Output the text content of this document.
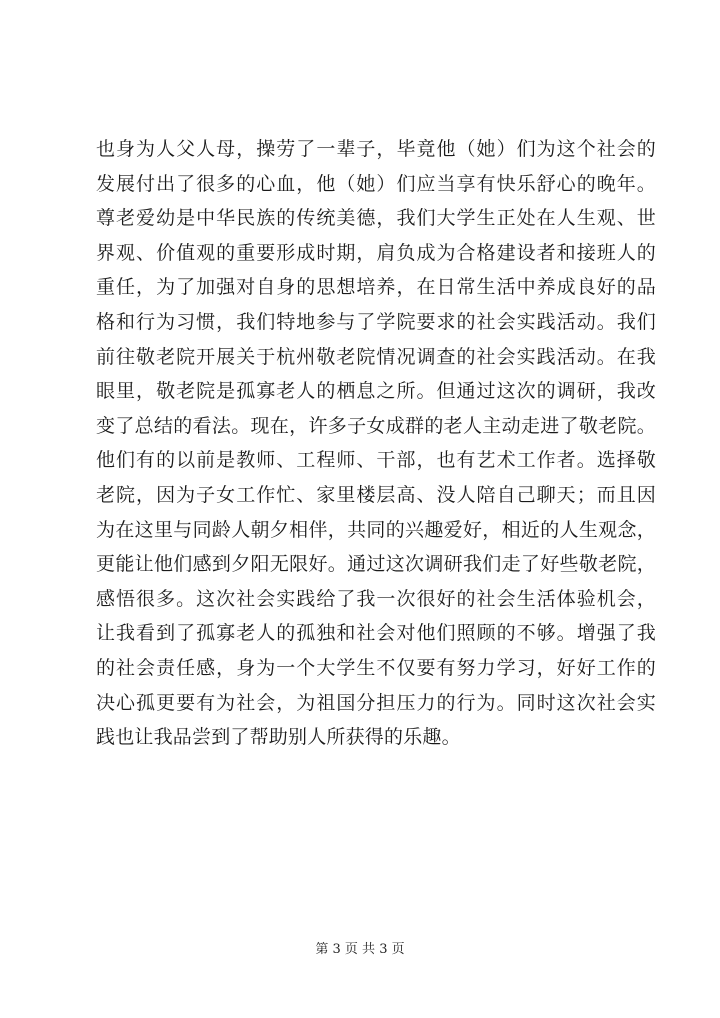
也身为人父人母，操劳了一辈子，毕竟他（她）们为这个社会的
发展付出了很多的心血，他（她）们应当享有快乐舒心的晚年。
尊老爱幼是中华民族的传统美德，我们大学生正处在人生观、世
界观、价值观的重要形成时期，肩负成为合格建设者和接班人的
重任，为了加强对自身的思想培养，在日常生活中养成良好的品
格和行为习惯，我们特地参与了学院要求的社会实践活动。我们
前往敬老院开展关于杭州敬老院情况调查的社会实践活动。在我
眼里，敬老院是孤寡老人的栖息之所。但通过这次的调研，我改
变了总结的看法。现在，许多子女成群的老人主动走进了敬老院。
他们有的以前是教师、工程师、干部，也有艺术工作者。选择敬
老院，因为子女工作忙、家里楼层高、没人陪自己聊天；而且因
为在这里与同龄人朝夕相伴，共同的兴趣爱好，相近的人生观念，
更能让他们感到夕阳无限好。通过这次调研我们走了好些敬老院，
感悟很多。这次社会实践给了我一次很好的社会生活体验机会，
让我看到了孤寡老人的孤独和社会对他们照顾的不够。增强了我
的社会责任感，身为一个大学生不仅要有努力学习，好好工作的
决心孤更要有为社会，为祖国分担压力的行为。同时这次社会实
践也让我品尝到了帮助别人所获得的乐趣。
第 3 页 共 3 页
